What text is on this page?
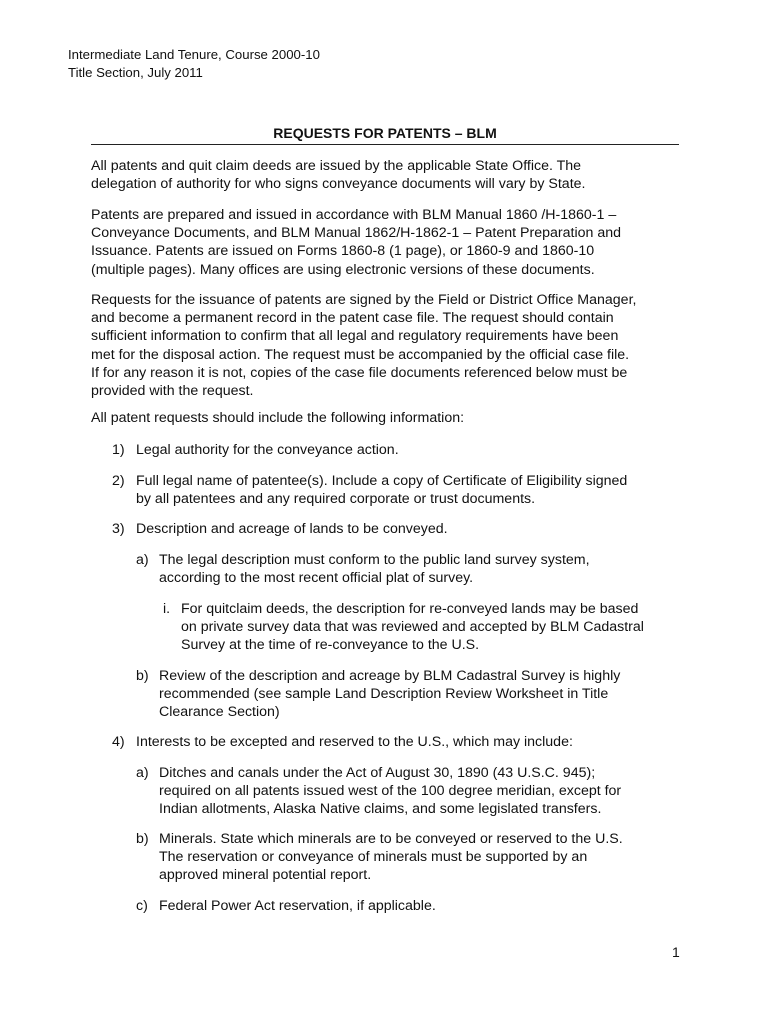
Intermediate Land Tenure, Course 2000-10
Title Section, July 2011
REQUESTS FOR PATENTS – BLM
All patents and quit claim deeds are issued by the applicable State Office. The
delegation of authority for who signs conveyance documents will vary by State.
Patents are prepared and issued in accordance with BLM Manual 1860 /H-1860-1 –
Conveyance Documents, and BLM Manual 1862/H-1862-1 – Patent Preparation and
Issuance. Patents are issued on Forms 1860-8 (1 page), or 1860-9 and 1860-10
(multiple pages). Many offices are using electronic versions of these documents.
Requests for the issuance of patents are signed by the Field or District Office Manager,
and become a permanent record in the patent case file. The request should contain
sufficient information to confirm that all legal and regulatory requirements have been
met for the disposal action. The request must be accompanied by the official case file.
If for any reason it is not, copies of the case file documents referenced below must be
provided with the request.
All patent requests should include the following information:
1) Legal authority for the conveyance action.
2) Full legal name of patentee(s). Include a copy of Certificate of Eligibility signed
by all patentees and any required corporate or trust documents.
3) Description and acreage of lands to be conveyed.
a) The legal description must conform to the public land survey system,
according to the most recent official plat of survey.
i. For quitclaim deeds, the description for re-conveyed lands may be based
on private survey data that was reviewed and accepted by BLM Cadastral
Survey at the time of re-conveyance to the U.S.
b) Review of the description and acreage by BLM Cadastral Survey is highly
recommended (see sample Land Description Review Worksheet in Title
Clearance Section)
4) Interests to be excepted and reserved to the U.S., which may include:
a) Ditches and canals under the Act of August 30, 1890 (43 U.S.C. 945);
required on all patents issued west of the 100 degree meridian, except for
Indian allotments, Alaska Native claims, and some legislated transfers.
b) Minerals. State which minerals are to be conveyed or reserved to the U.S.
The reservation or conveyance of minerals must be supported by an
approved mineral potential report.
c) Federal Power Act reservation, if applicable.
1
